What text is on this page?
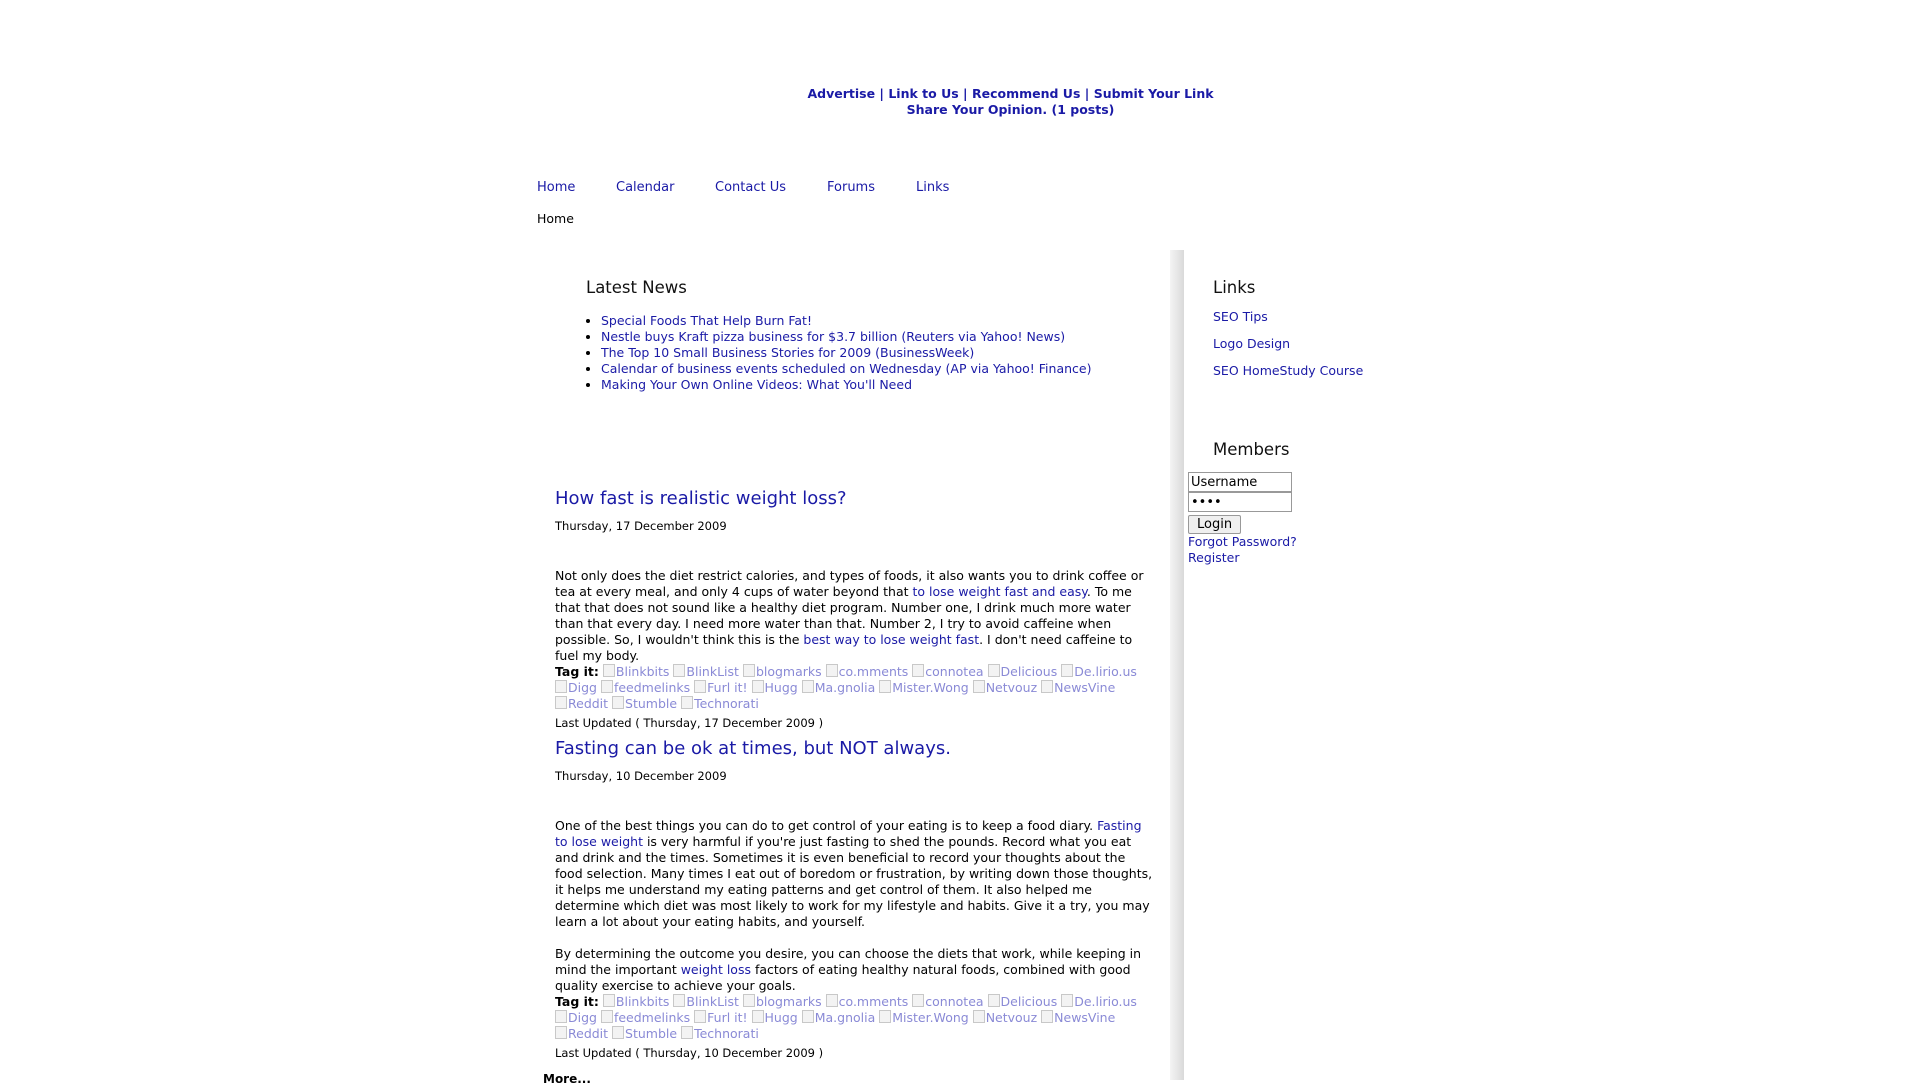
Advertise | Link to Us | Recommend Us | Submit Your Link
Share Your Opinion. (1 posts)
Home	Calendar	Contact Us	Forums	Links
Home
Latest News
• Special Foods That Help Burn Fat!
• Nestle buys Kraft pizza business for $3.7 billion (Reuters via Yahoo! News)
• The Top 10 Small Business Stories for 2009 (BusinessWeek)
• Calendar of business events scheduled on Wednesday (AP via Yahoo! Finance)
• Making Your Own Online Videos: What You'll Need
How fast is realistic weight loss?
Thursday, 17 December 2009
Not only does the diet restrict calories, and types of foods, it also wants you to drink coffee or tea at every meal, and only 4 cups of water beyond that to lose weight fast and easy. To me that that does not sound like a healthy diet program. Number one, I drink much more water than that every day. I need more water than that. Number 2, I try to avoid caffeine when possible. So, I wouldn't think this is the best way to lose weight fast. I don't need caffeine to fuel my body.
Tag it: Blinkbits BlinkList blogmarks co.mments connotea Delicious De.lirio.us Digg feedmelinks Furl it! Hugg Ma.gnolia Mister.Wong Netvouz NewsVine Reddit Stumble Technorati
Last Updated ( Thursday, 17 December 2009 )
Fasting can be ok at times, but NOT always.
Thursday, 10 December 2009
One of the best things you can do to get control of your eating is to keep a food diary. Fasting to lose weight is very harmful if you're just fasting to shed the pounds. Record what you eat and drink and the times. Sometimes it is even beneficial to record your thoughts about the food selection. Many times I eat out of boredom or frustration, by writing down those thoughts, it helps me understand my eating patterns and get control of them. It also helped me determine which diet was most likely to work for my lifestyle and habits. Give it a try, you may learn a lot about your eating habits, and yourself.
By determining the outcome you desire, you can choose the diets that work, while keeping in mind the important weight loss factors of eating healthy natural foods, combined with good quality exercise to achieve your goals.
Tag it: Blinkbits BlinkList blogmarks co.mments connotea Delicious De.lirio.us Digg feedmelinks Furl it! Hugg Ma.gnolia Mister.Wong Netvouz NewsVine Reddit Stumble Technorati
Last Updated ( Thursday, 10 December 2009 )
More...
Links
SEO Tips
Logo Design
SEO HomeStudy Course
Members
Username
•••• Login
Forgot Password?
Register
